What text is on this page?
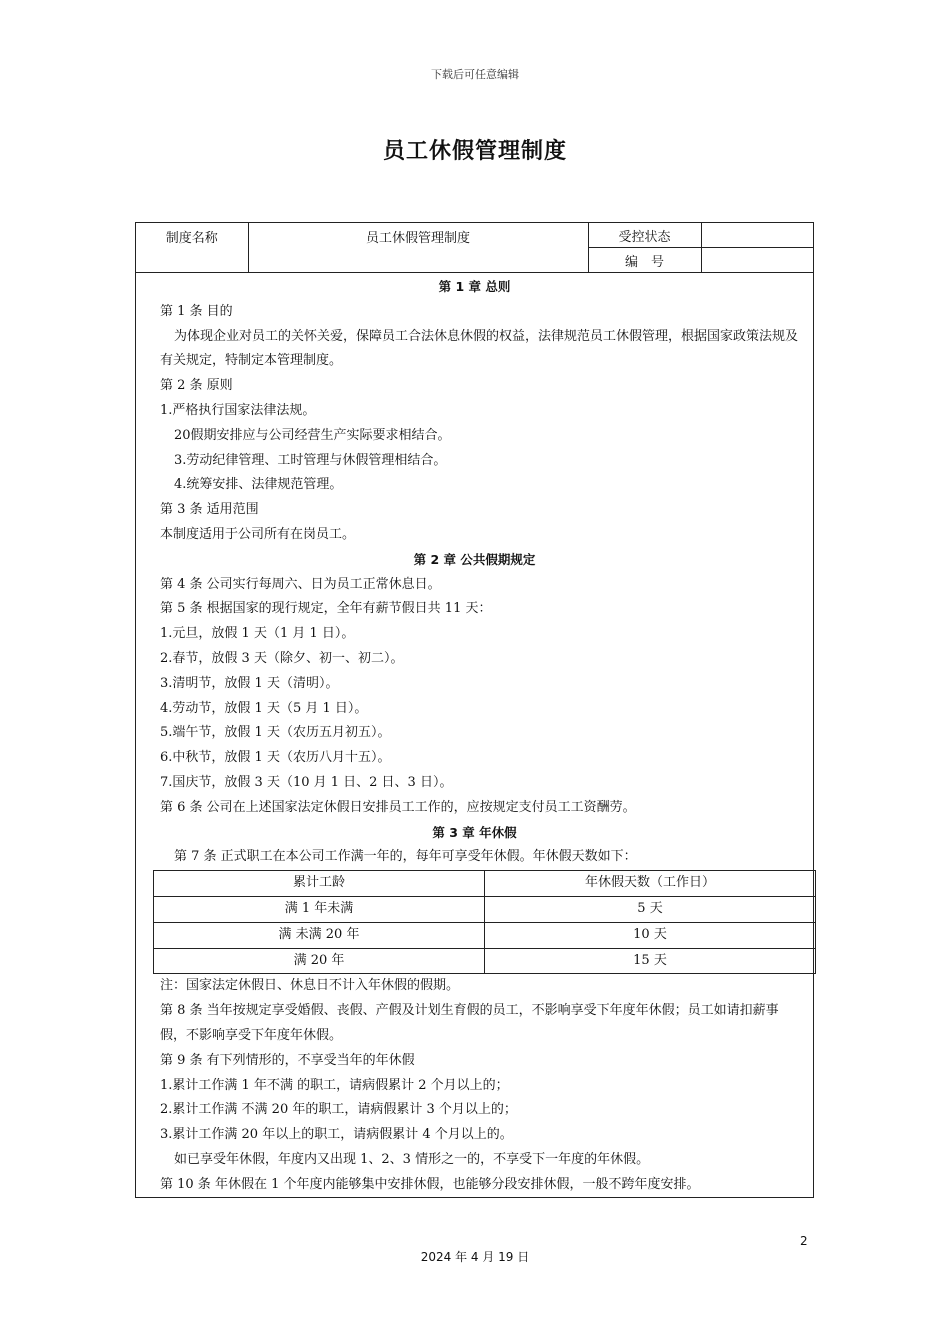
下载后可任意编辑
员工休假管理制度
制度名称	员工休假管理制度	受控状态	
		编　号	
第 1 章 总则
第 1 条 目的
为体现企业对员工的关怀关爱，保障员工合法休息休假的权益，法律规范员工休假管理，根据国家政策法规及有关规定，特制定本管理制度。
第 2 条 原则
1.严格执行国家法律法规。
20假期安排应与公司经营生产实际要求相结合。
3.劳动纪律管理、工时管理与休假管理相结合。
4.统筹安排、法律规范管理。
第 3 条 适用范围
本制度适用于公司所有在岗员工。
第 2 章 公共假期规定
第 4 条 公司实行每周六、日为员工正常休息日。
第 5 条 根据国家的现行规定，全年有薪节假日共 11 天：
1.元旦，放假 1 天（1 月 1 日）。
2.春节，放假 3 天（除夕、初一、初二）。
3.清明节，放假 1 天（清明）。
4.劳动节，放假 1 天（5 月 1 日）。
5.端午节，放假 1 天（农历五月初五）。
6.中秋节，放假 1 天（农历八月十五）。
7.国庆节，放假 3 天（10 月 1 日、2 日、3 日）。
第 6 条 公司在上述国家法定休假日安排员工工作的，应按规定支付员工工资酬劳。
第 3 章 年休假
第 7 条 正式职工在本公司工作满一年的，每年可享受年休假。年休假天数如下：
累计工龄	年休假天数（工作日）
满 1 年未满	5 天
满 未满 20 年	10 天
满 20 年	15 天
注：国家法定休假日、休息日不计入年休假的假期。
第 8 条 当年按规定享受婚假、丧假、产假及计划生育假的员工，不影响享受下年度年休假；员工如请扣薪事假，不影响享受下年度年休假。
第 9 条 有下列情形的，不享受当年的年休假
1.累计工作满 1 年不满 的职工，请病假累计 2 个月以上的；
2.累计工作满 不满 20 年的职工，请病假累计 3 个月以上的；
3.累计工作满 20 年以上的职工，请病假累计 4 个月以上的。
如已享受年休假，年度内又出现 1、2、3 情形之一的，不享受下一年度的年休假。
第 10 条 年休假在 1 个年度内能够集中安排休假，也能够分段安排休假，一般不跨年度安排。
2
2024 年 4 月 19 日
